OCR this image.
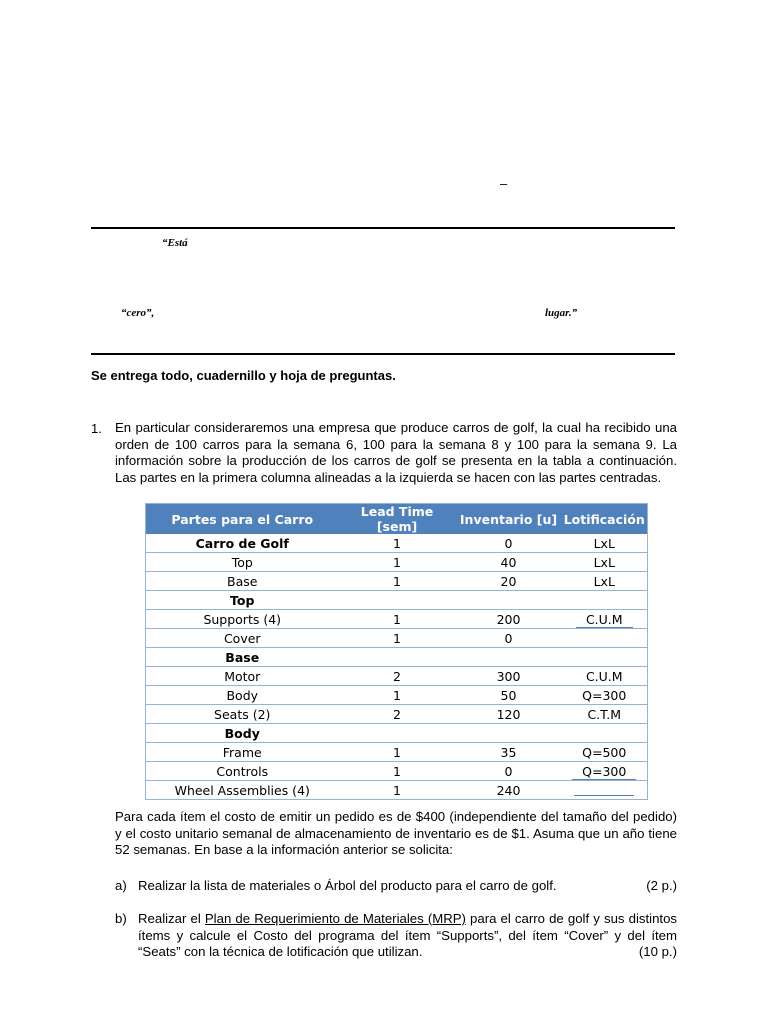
–
“Está
“cero”,	lugar.”
Se entrega todo, cuadernillo y hoja de preguntas.
1. En particular consideraremos una empresa que produce carros de golf, la cual ha recibido una orden de 100 carros para la semana 6, 100 para la semana 8 y 100 para la semana 9. La información sobre la producción de los carros de golf se presenta en la tabla a continuación. Las partes en la primera columna alineadas a la izquierda se hacen con las partes centradas.
Partes para el Carro	Lead Time [sem]	Inventario [u]	Lotificación
Carro de Golf	1	0	LxL
Top	1	40	LxL
Base	1	20	LxL
Top			
Supports (4)	1	200	C.U.M
Cover	1	0	
Base			
Motor	2	300	C.U.M
Body	1	50	Q=300
Seats (2)	2	120	C.T.M
Body			
Frame	1	35	Q=500
Controls	1	0	Q=300
Wheel Assemblies (4)	1	240	
Para cada ítem el costo de emitir un pedido es de $400 (independiente del tamaño del pedido) y el costo unitario semanal de almacenamiento de inventario es de $1. Asuma que un año tiene 52 semanas. En base a la información anterior se solicita:
a) Realizar la lista de materiales o Árbol del producto para el carro de golf.	(2 p.)
b) Realizar el Plan de Requerimiento de Materiales (MRP) para el carro de golf y sus distintos ítems y calcule el Costo del programa del ítem “Supports”, del ítem “Cover” y del ítem “Seats” con la técnica de lotificación que utilizan.	(10 p.)
